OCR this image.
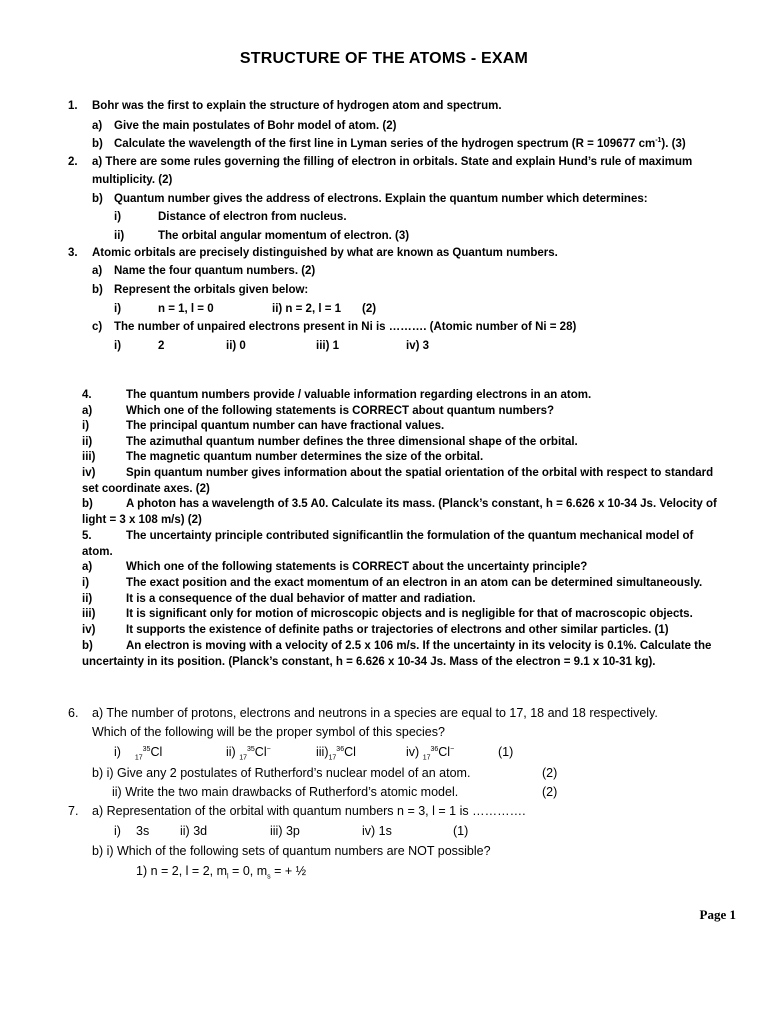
STRUCTURE OF THE ATOMS - EXAM
1. Bohr was the first to explain the structure of hydrogen atom and spectrum.
a) Give the main postulates of Bohr model of atom. (2)
b) Calculate the wavelength of the first line in Lyman series of the hydrogen spectrum (R = 109677 $cm^{-1}$). (3)
2. a) There are some rules governing the filling of electron in orbitals. State and explain Hund’s rule of maximum
multiplicity. (2)
b) Quantum number gives the address of electrons. Explain the quantum number which determines:
i)	Distance of electron from nucleus.
ii)	The orbital angular momentum of electron. (3)
3. Atomic orbitals are precisely distinguished by what are known as Quantum numbers.
a) Name the four quantum numbers. (2)
b) Represent the orbitals given below:
i)	n = 1, l = 0	ii) n = 2, l = 1 (2)
c) The number of unpaired electrons present in Ni is ………. (Atomic number of Ni = 28)
i)	2	ii) 0	iii) 1	iv) 3
4.	The quantum numbers provide / valuable information regarding electrons in an atom.
a)	Which one of the following statements is CORRECT about quantum numbers?
i)	The principal quantum number can have fractional values.
ii)	The azimuthal quantum number defines the three dimensional shape of the orbital.
iii)	The magnetic quantum number determines the size of the orbital.
iv)	Spin quantum number gives information about the spatial orientation of the orbital with respect to standard
set coordinate axes. (2)
b)	A photon has a wavelength of 3.5 A0. Calculate its mass. (Planck’s constant, h = 6.626 x 10-34 Js. Velocity of
light = 3 x 108 m/s) (2)
5.	The uncertainty principle contributed significantlin the formulation of the quantum mechanical model of
atom.
a)	Which one of the following statements is CORRECT about the uncertainty principle?
i)	The exact position and the exact momentum of an electron in an atom can be determined simultaneously.
ii)	It is a consequence of the dual behavior of matter and radiation.
iii)	It is significant only for motion of microscopic objects and is negligible for that of macroscopic objects.
iv)	It supports the existence of definite paths or trajectories of electrons and other similar particles. (1)
b)	An electron is moving with a velocity of 2.5 x 106 m/s. If the uncertainty in its velocity is 0.1%. Calculate the
uncertainty in its position. (Planck’s constant, h = 6.626 x 10-34 Js. Mass of the electron = 9.1 x 10-31 kg).
6. a) The number of protons, electrons and neutrons in a species are equal to 17, 18 and 18 respectively.
Which of the following will be the proper symbol of this species?
i) $_{17}^{35}$Cl	ii) $_{17}^{35}$Cl−	$iii)_{17}^{36}Cl$	iv) $_{17}^{36}$Cl−	(1)
b) i) Give any 2 postulates of Rutherford’s nuclear model of an atom.	(2)
ii) Write the two main drawbacks of Rutherford’s atomic model.	(2)
7. a) Representation of the orbital with quantum numbers n = 3, l = 1 is ………….
i) 3s ii) 3d	iii) 3p	iv) 1s	(1)
b) i) Which of the following sets of quantum numbers are NOT possible?
1) n = 2, l = 2, $m_l = 0$, $m_s$ = + ½
Page 1
